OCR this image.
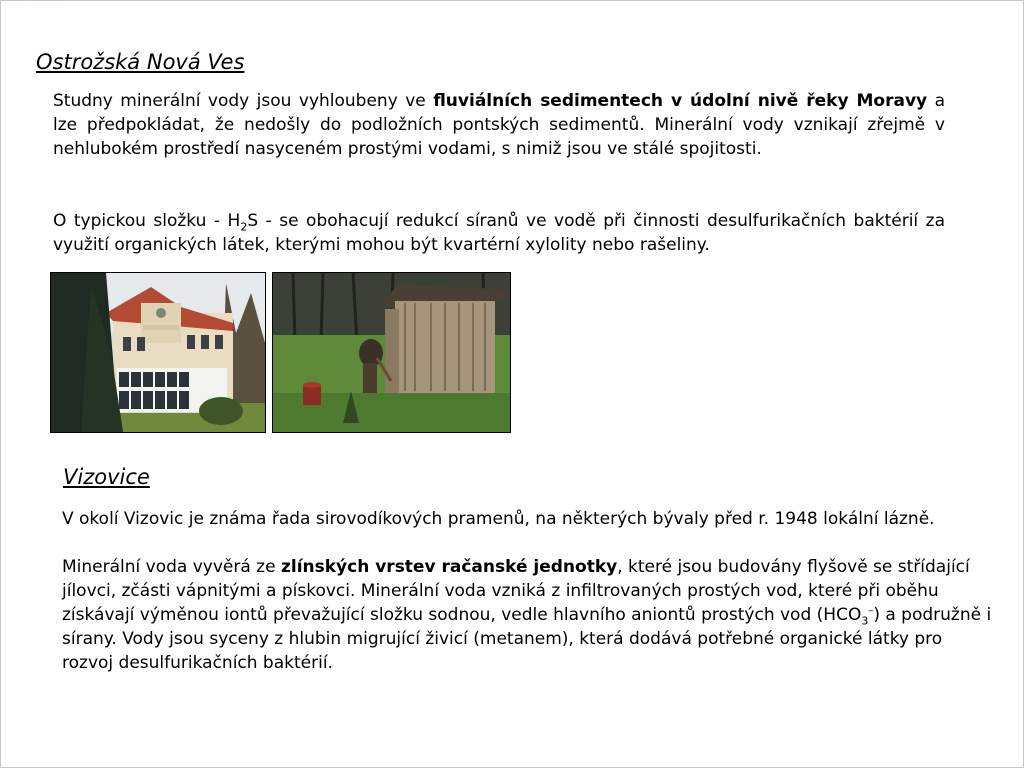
⬚ ·· ···· ··· ·· ··· ···· ··· ·· ···· ····
Ostrožská Nová Ves

Studny minerální vody jsou vyhloubeny ve fluviálních sedimentech v údolní nivě řeky Moravy a lze předpokládat, že nedošly do podložních pontských sedimentů. Minerální vody vznikají zřejmě v nehlubokém prostředí nasyceném prostými vodami, s nimiž jsou ve stálé spojitosti.

O typickou složku - $H_2S$ - se obohacují redukcí síranů ve vodě při činnosti desulfurikačních baktérií za využití organických látek, kterými mohou být kvartérní xylolity nebo rašeliny.

Vizovice

V okolí Vizovic je známa řada sirovodíkových pramenů, na některých bývaly před r. 1948 lokální lázně.

Minerální voda vyvěrá ze zlínských vrstev račanské jednotky, které jsou budovány flyšově se střídající jílovci, zčásti vápnitými a pískovci. Minerální voda vzniká z infiltrovaných prostých vod, které při oběhu získávají výměnou iontů převažující složku sodnou, vedle hlavního aniontů prostých vod $(HCO_3^-)$ a podružně i sírany. Vody jsou syceny z hlubin migrující živicí (metanem), která dodává potřebné organické látky pro rozvoj desulfurikačních baktérií.
